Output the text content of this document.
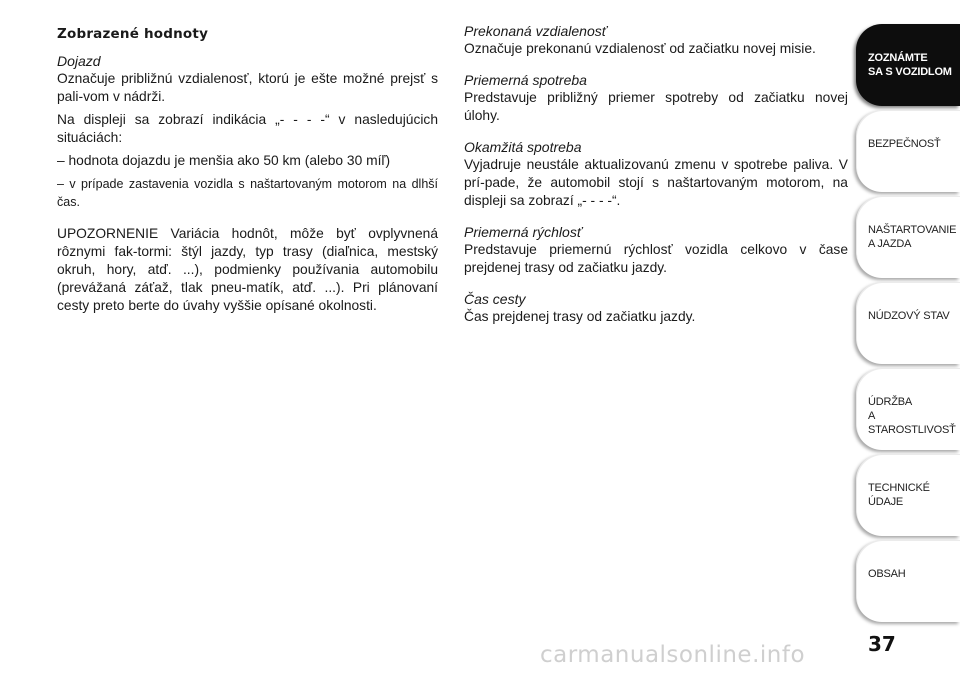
Zobrazené hodnoty
Dojazd
Označuje približnú vzdialenosť, ktorú je ešte možné prejsť s pali-vom v nádrži.
Na displeji sa zobrazí indikácia „- - - -“ v nasledujúcich situáciách:
– hodnota dojazdu je menšia ako 50 km (alebo 30 míľ)
– v prípade zastavenia vozidla s naštartovaným motorom na dlhší čas.
UPOZORNENIE Variácia hodnôt, môže byť ovplyvnená rôznymi fak-tormi: štýl jazdy, typ trasy (diaľnica, mestský okruh, hory, atď. ...), podmienky používania automobilu (prevážaná záťaž, tlak pneu-matík, atď. ...). Pri plánovaní cesty preto berte do úvahy vyššie opísané okolnosti.
Prekonaná vzdialenosť
Označuje prekonanú vzdialenosť od začiatku novej misie.
Priemerná spotreba
Predstavuje približný priemer spotreby od začiatku novej úlohy.
Okamžitá spotreba
Vyjadruje neustále aktualizovanú zmenu v spotrebe paliva. V prí-pade, že automobil stojí s naštartovaným motorom, na displeji sa zobrazí „- - - -“.
Priemerná rýchlosť
Predstavuje priemernú rýchlosť vozidla celkovo v čase prejdenej trasy od začiatku jazdy.
Čas cesty
Čas prejdenej trasy od začiatku jazdy.
ZOZNÁMTE
SA S VOZIDLOM
BEZPEČNOSŤ
NAŠTARTOVANIE
A JAZDA
NÚDZOVÝ STAV
ÚDRŽBA
A STAROSTLIVOSŤ
TECHNICKÉ
ÚDAJE
OBSAH
37
carmanualsonline.info
